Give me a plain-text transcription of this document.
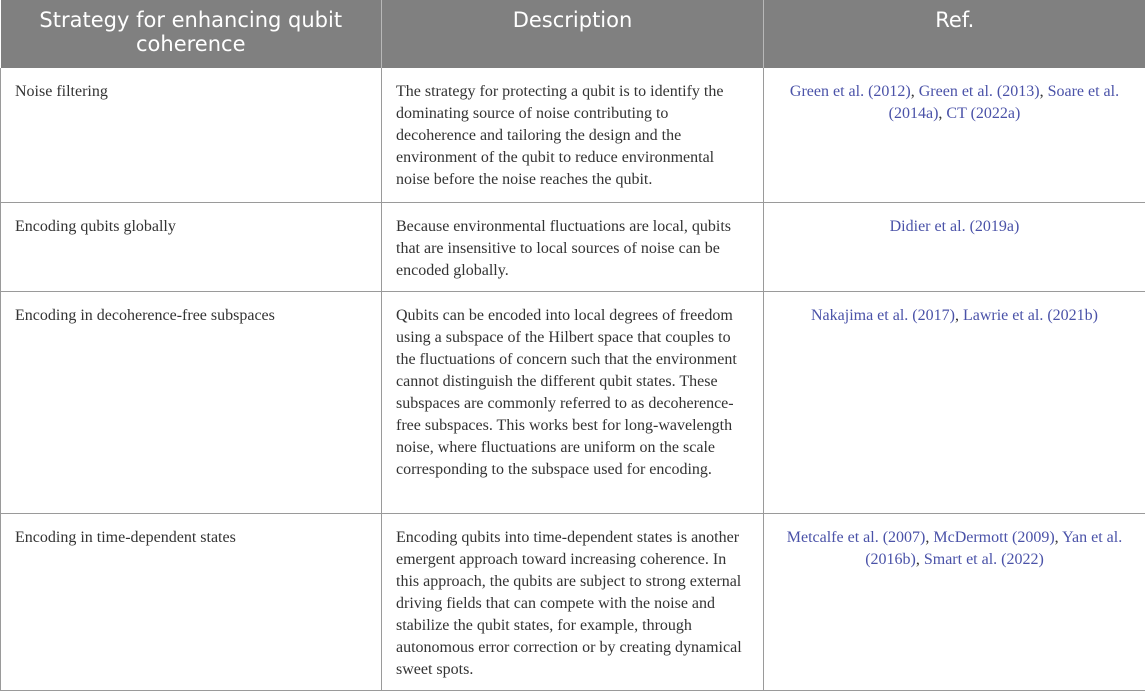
Strategy for enhancing qubit coherence	Description	Ref.
Noise filtering	The strategy for protecting a qubit is to identify the dominating source of noise contributing to decoherence and tailoring the design and the environment of the qubit to reduce environmental noise before the noise reaches the qubit.	Green et al. (2012), Green et al. (2013), Soare et al. (2014a), CT (2022a)
Encoding qubits globally	Because environmental fluctuations are local, qubits that are insensitive to local sources of noise can be encoded globally.	Didier et al. (2019a)
Encoding in decoherence-free subspaces	Qubits can be encoded into local degrees of freedom using a subspace of the Hilbert space that couples to the fluctuations of concern such that the environment cannot distinguish the different qubit states. These subspaces are commonly referred to as decoherence-free subspaces. This works best for long-wavelength noise, where fluctuations are uniform on the scale corresponding to the subspace used for encoding.	Nakajima et al. (2017), Lawrie et al. (2021b)
Encoding in time-dependent states	Encoding qubits into time-dependent states is another emergent approach toward increasing coherence. In this approach, the qubits are subject to strong external driving fields that can compete with the noise and stabilize the qubit states, for example, through autonomous error correction or by creating dynamical sweet spots.	Metcalfe et al. (2007), McDermott (2009), Yan et al. (2016b), Smart et al. (2022)
